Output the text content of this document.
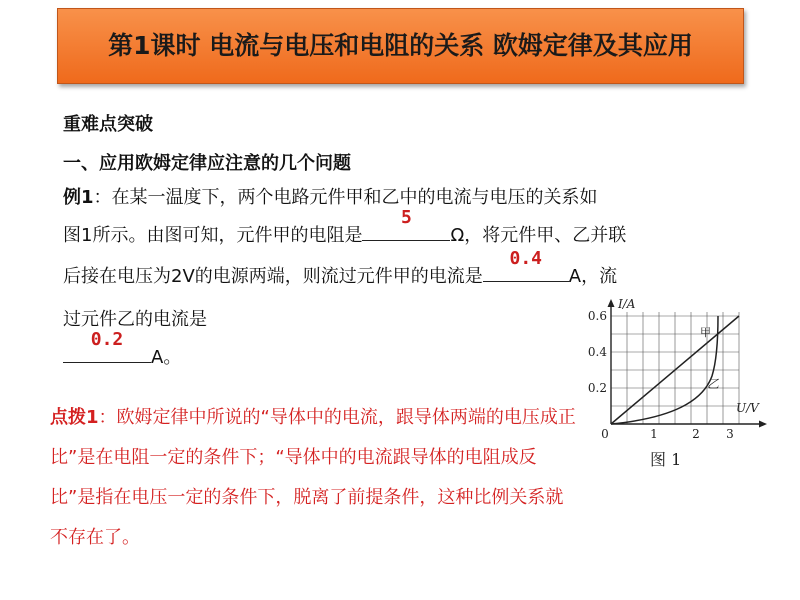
第1课时 电流与电压和电阻的关系 欧姆定律及其应用
重难点突破
一、应用欧姆定律应注意的几个问题
例1：在某一温度下，两个电路元件甲和乙中的电流与电压的关系如
图1所示。由图可知，元件甲的电阻是
5
Ω，将元件甲、乙并联
后接在电压为2V的电源两端，则流过元件甲的电流是
0.4
A，流
过元件乙的电流是
0.2
A。
点拨1：欧姆定律中所说的“导体中的电流，跟导体两端的电压成正比”是在电阻一定的条件下；“导体中的电流跟导体的电阻成反比”是指在电压一定的条件下，脱离了前提条件，这种比例关系就不存在了。
I/A
U/V
0.6
0.4
0.2
0	1	2 3
甲
乙
图 1
